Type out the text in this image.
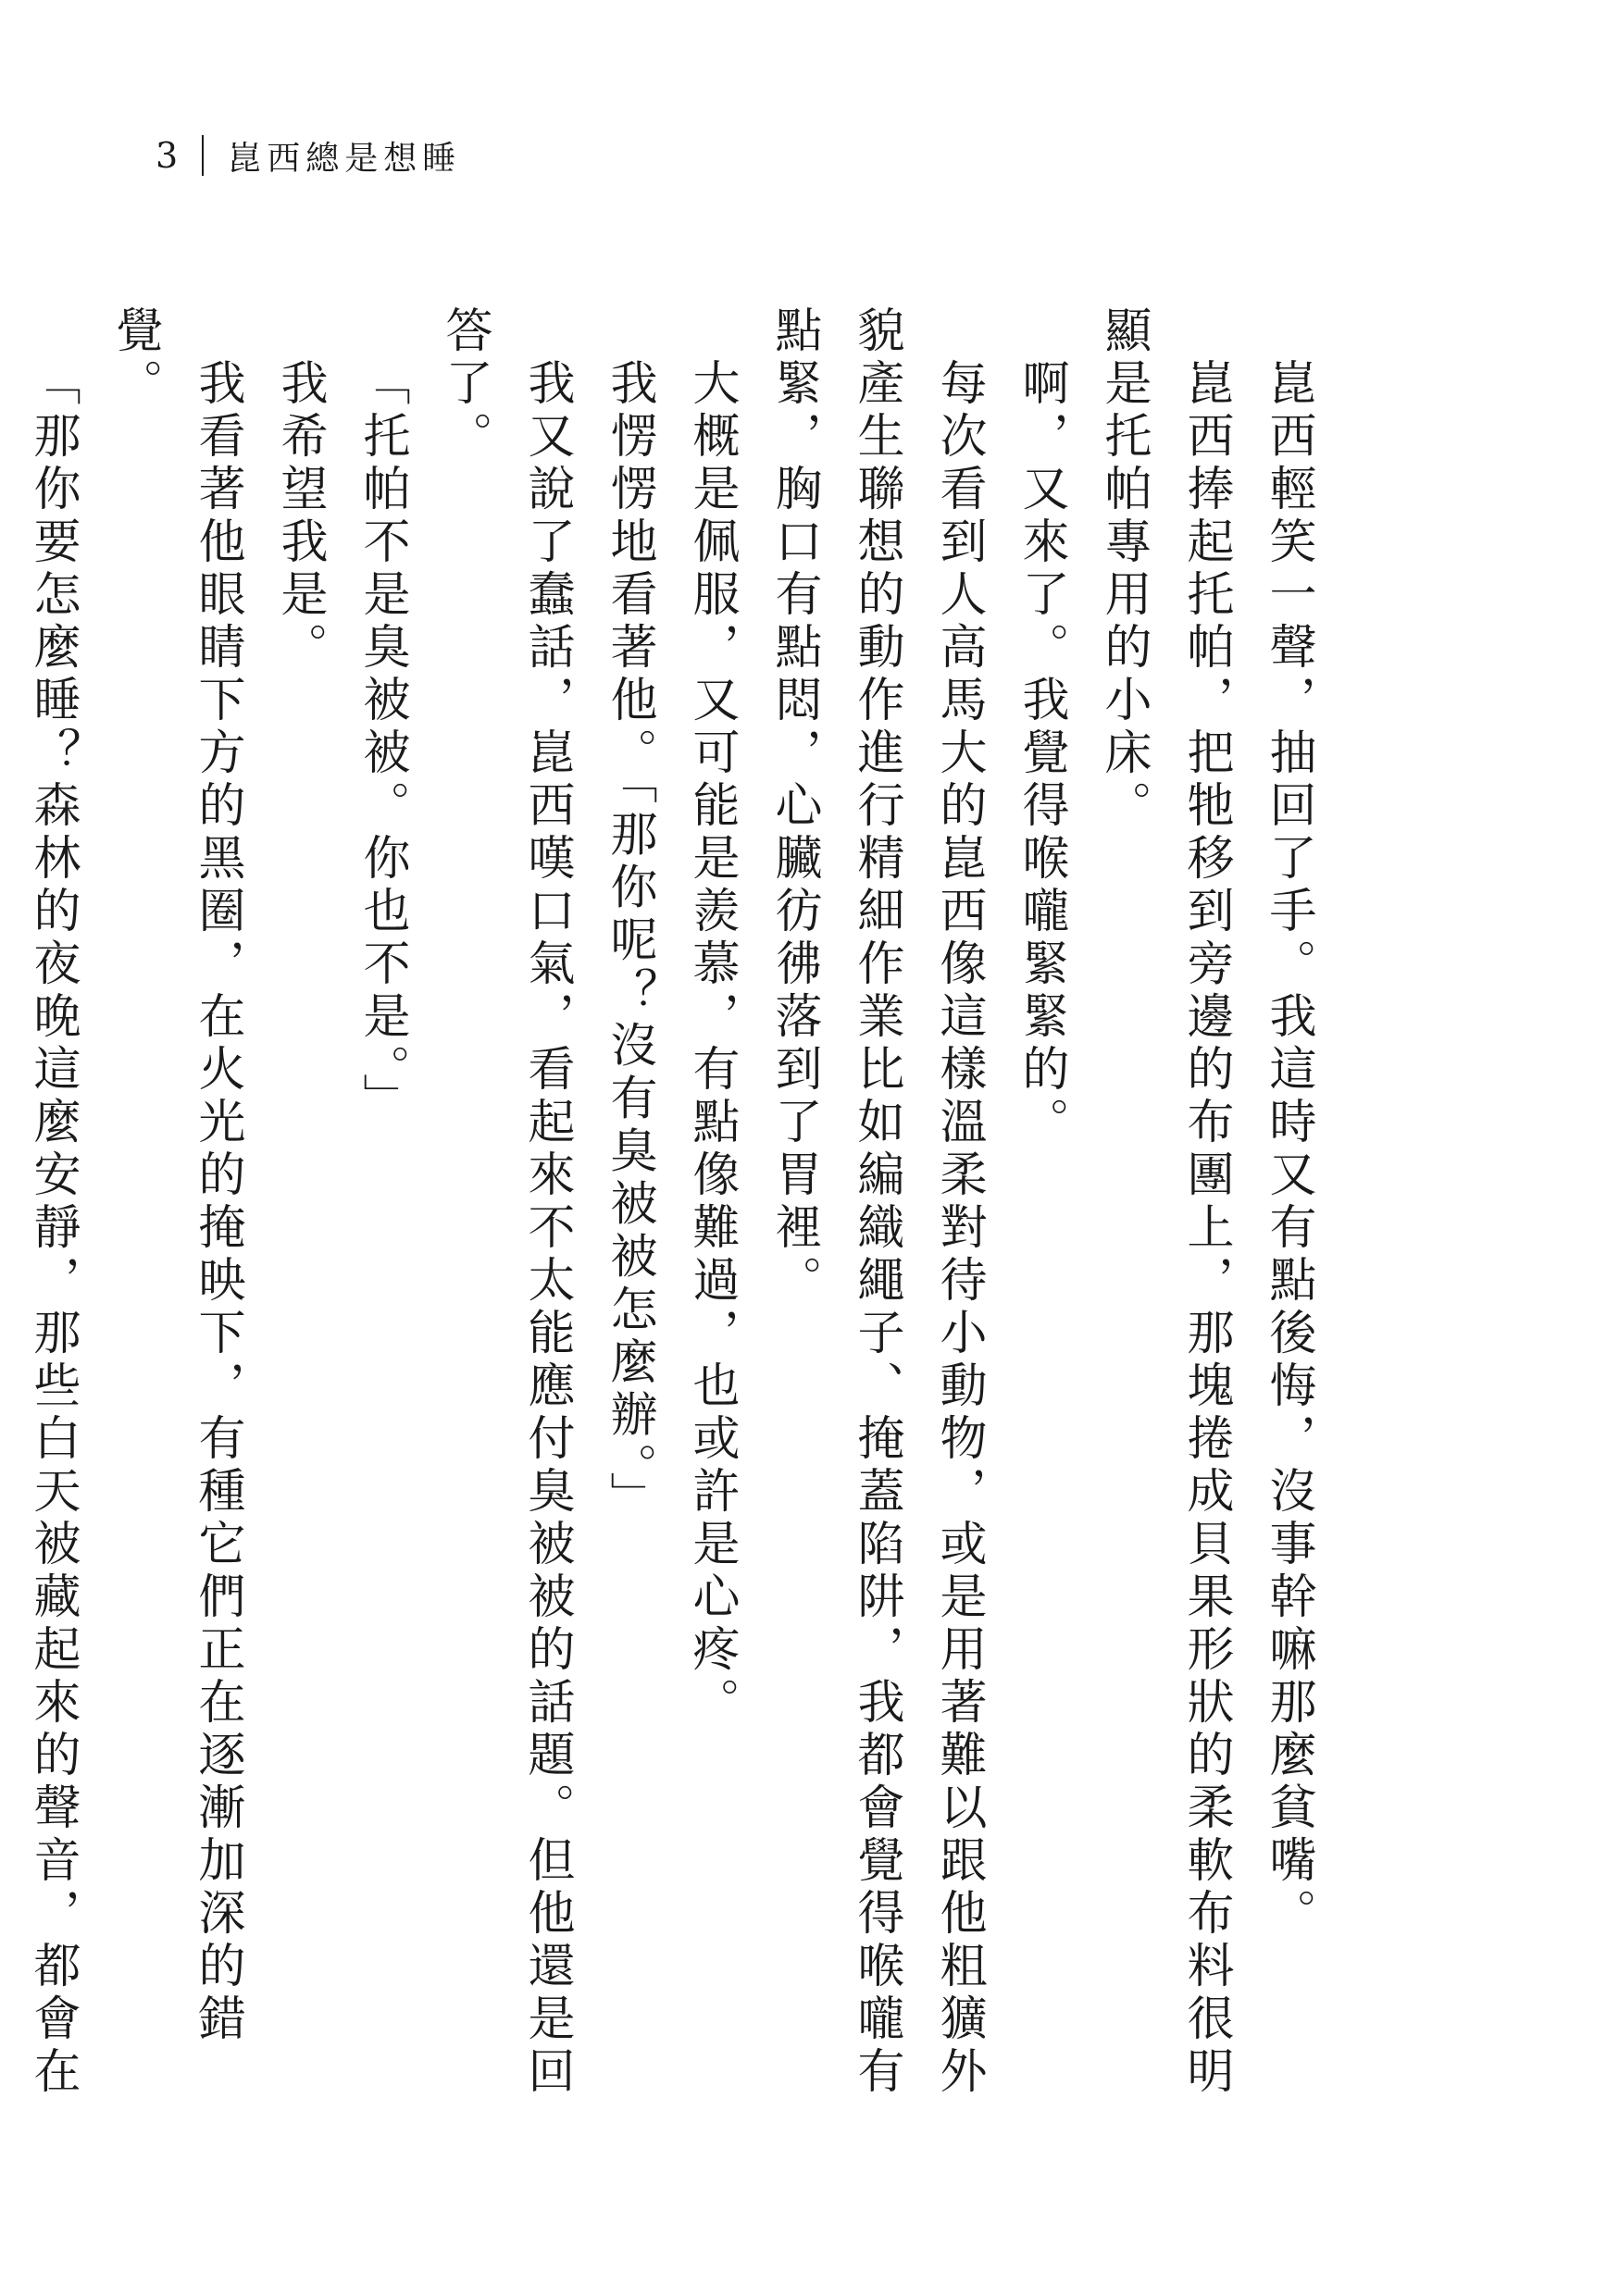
3 崑西總是想睡

崑西輕笑一聲，抽回了手。我這時又有點後悔，沒事幹嘛那麼貧嘴。

崑西捧起托帕，把牠移到旁邊的布團上，那塊捲成貝果形狀的柔軟布料很明顯是托帕專用的小床。

啊，又來了。我覺得喉嚨緊緊的。

每次看到人高馬大的崑西像這樣溫柔對待小動物，或是用著難以跟他粗獷外貌產生聯想的動作進行精細作業比如編織繩子、掩蓋陷阱，我都會覺得喉嚨有點緊，胸口有點悶，心臟彷彿落到了胃裡。

大概是佩服，又可能是羨慕，有點像難過，也或許是心疼。

我愣愣地看著他。「那你呢？沒有臭被被怎麼辦。」

我又說了蠢話，崑西嘆口氣，看起來不太能應付臭被被的話題。但他還是回答了。

「托帕不是臭被被。你也不是。」

我希望我是。

我看著他眼睛下方的黑圈，在火光的掩映下，有種它們正在逐漸加深的錯覺。

「那你要怎麼睡？森林的夜晚這麼安靜，那些白天被藏起來的聲音，都會在
